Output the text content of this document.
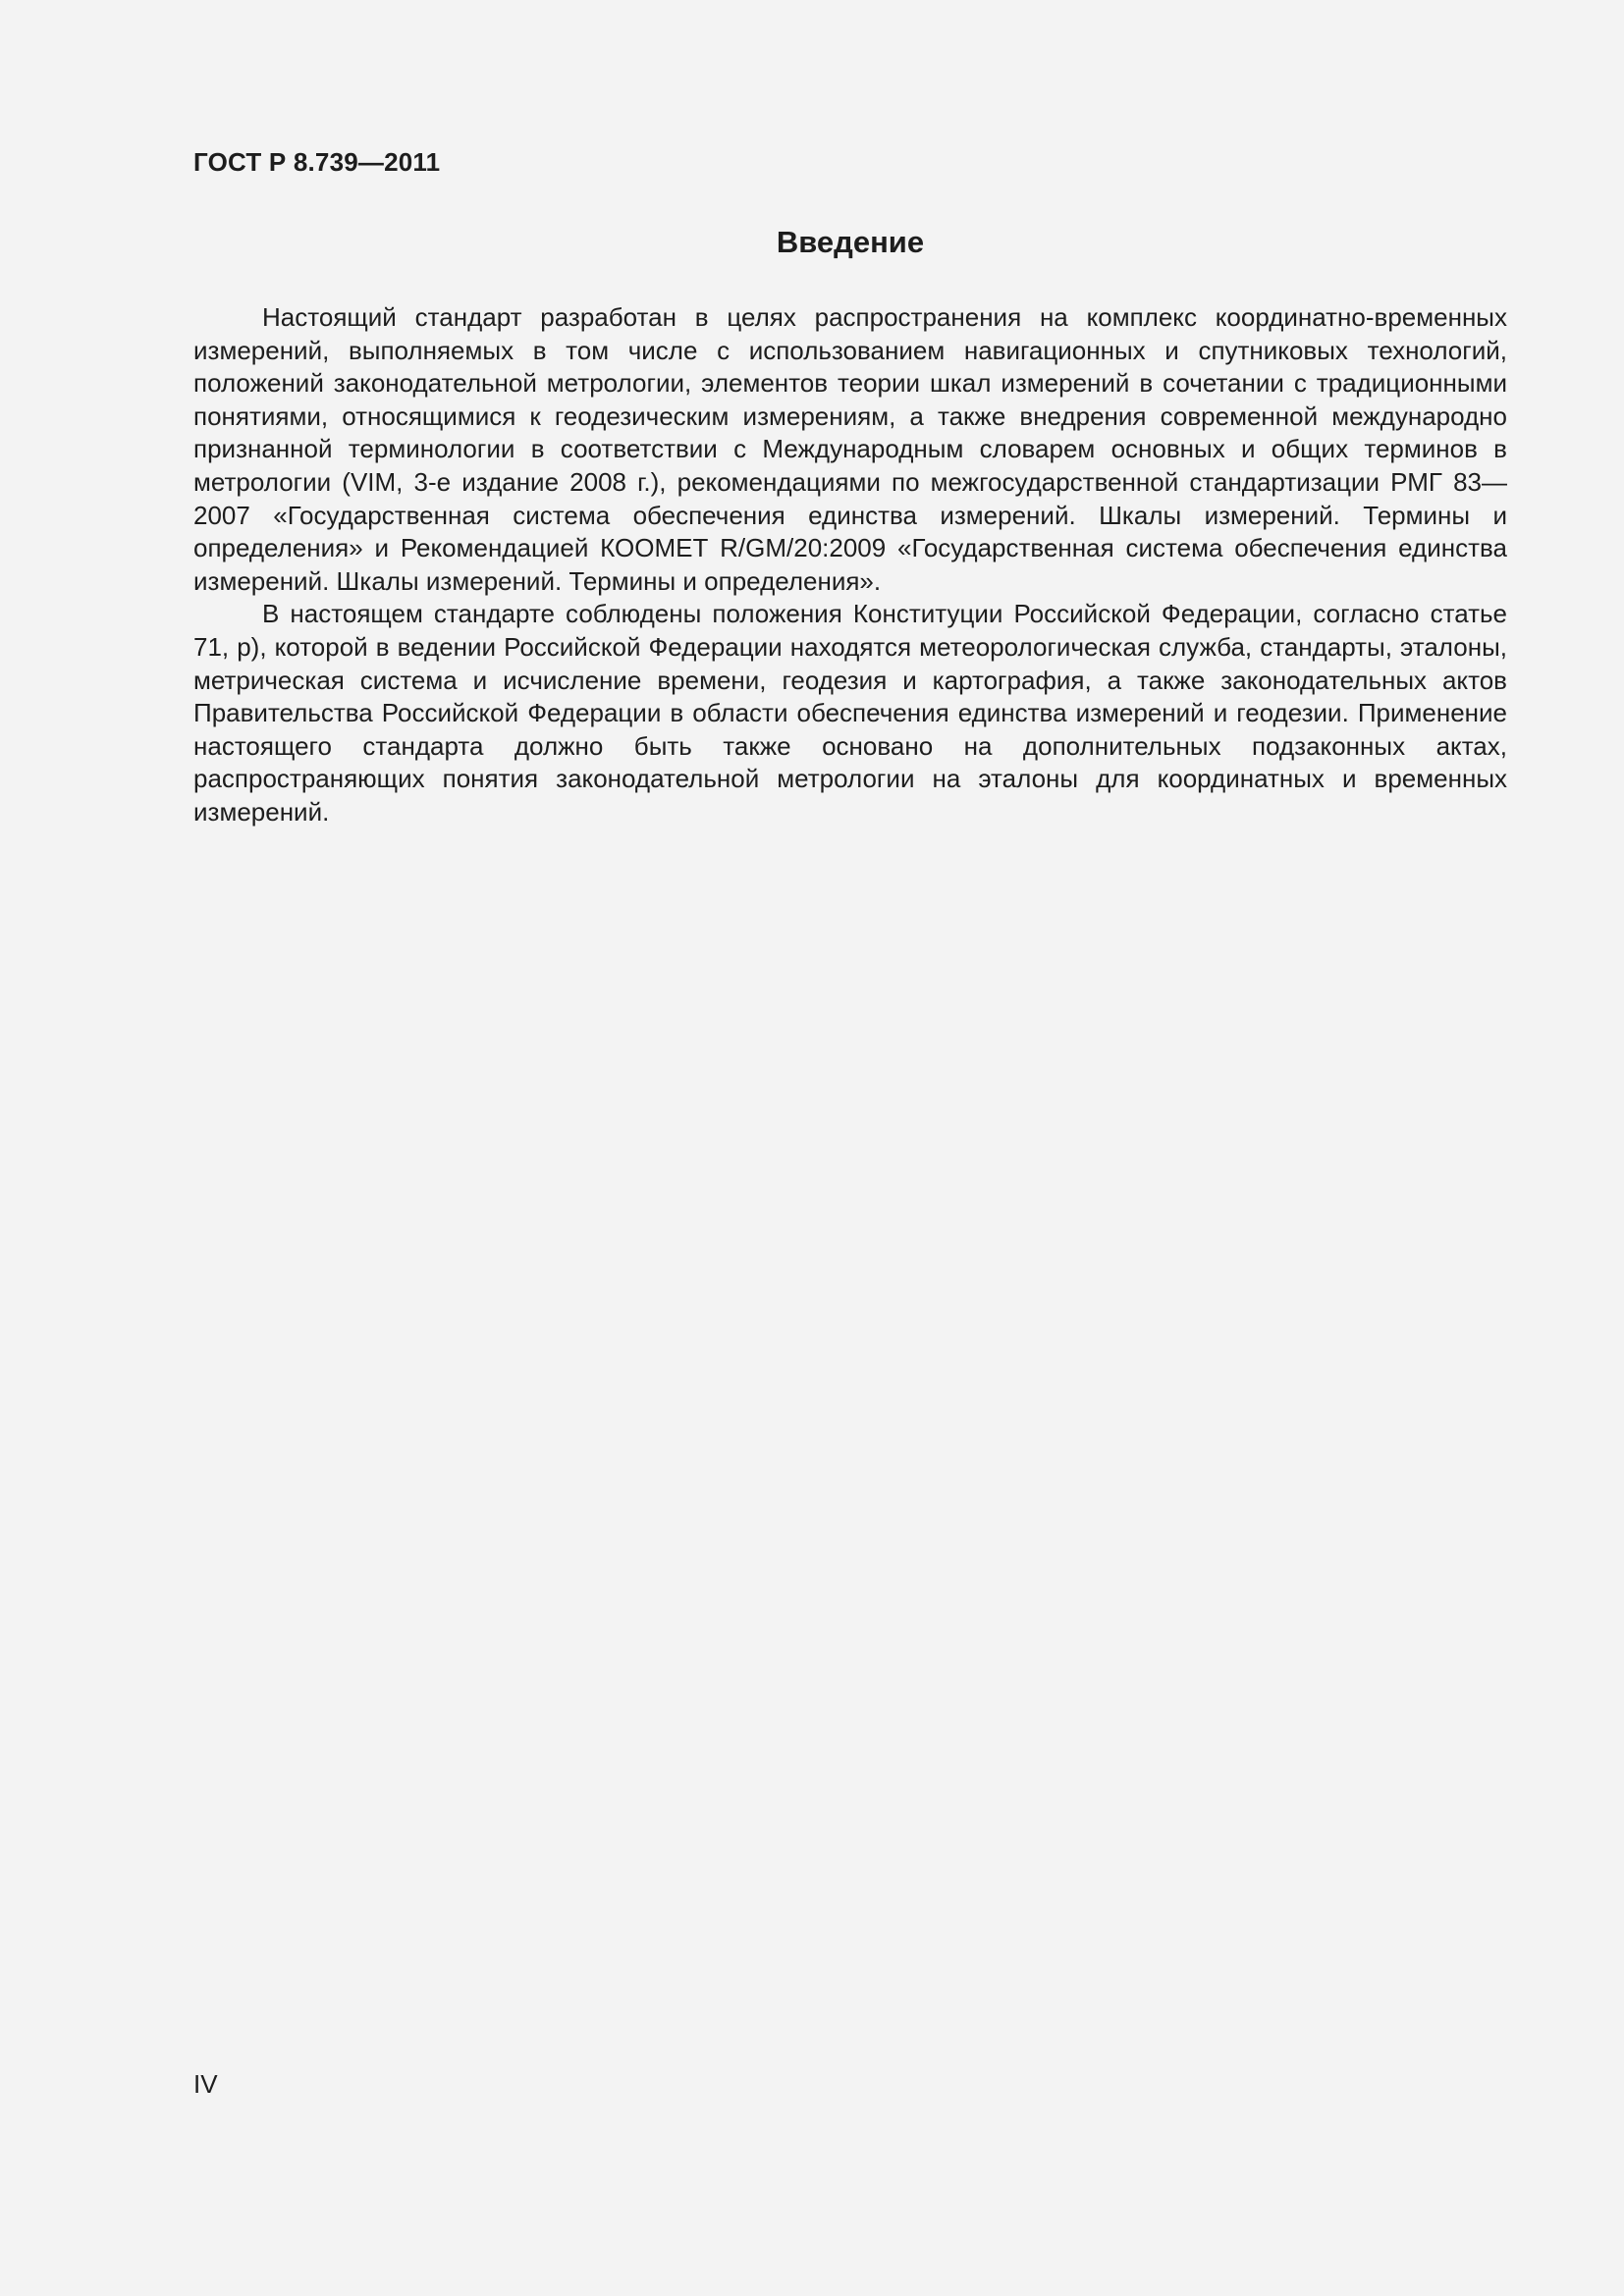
ГОСТ Р 8.739—2011
Введение

Настоящий стандарт разработан в целях распространения на комплекс координатно-временных измерений, выполняемых в том числе с использованием навигационных и спутниковых технологий, положений законодательной метрологии, элементов теории шкал измерений в сочетании с традиционными понятиями, относящимися к геодезическим измерениям, а также внедрения современной международно признанной терминологии в соответствии с Международным словарем основных и общих терминов в метрологии (VIM, 3-е издание 2008 г.), рекомендациями по межгосударственной стандартизации РМГ 83—2007 «Государственная система обеспечения единства измерений. Шкалы измерений. Термины и определения» и Рекомендацией КООМЕТ R/GM/20:2009 «Государственная система обеспечения единства измерений. Шкалы измерений. Термины и определения».

В настоящем стандарте соблюдены положения Конституции Российской Федерации, согласно статье 71, р), которой в ведении Российской Федерации находятся метеорологическая служба, стандарты, эталоны, метрическая система и исчисление времени, геодезия и картография, а также законодательных актов Правительства Российской Федерации в области обеспечения единства измерений и геодезии. Применение настоящего стандарта должно быть также основано на дополнительных подзаконных актах, распространяющих понятия законодательной метрологии на эталоны для координатных и временных измерений.

IV
